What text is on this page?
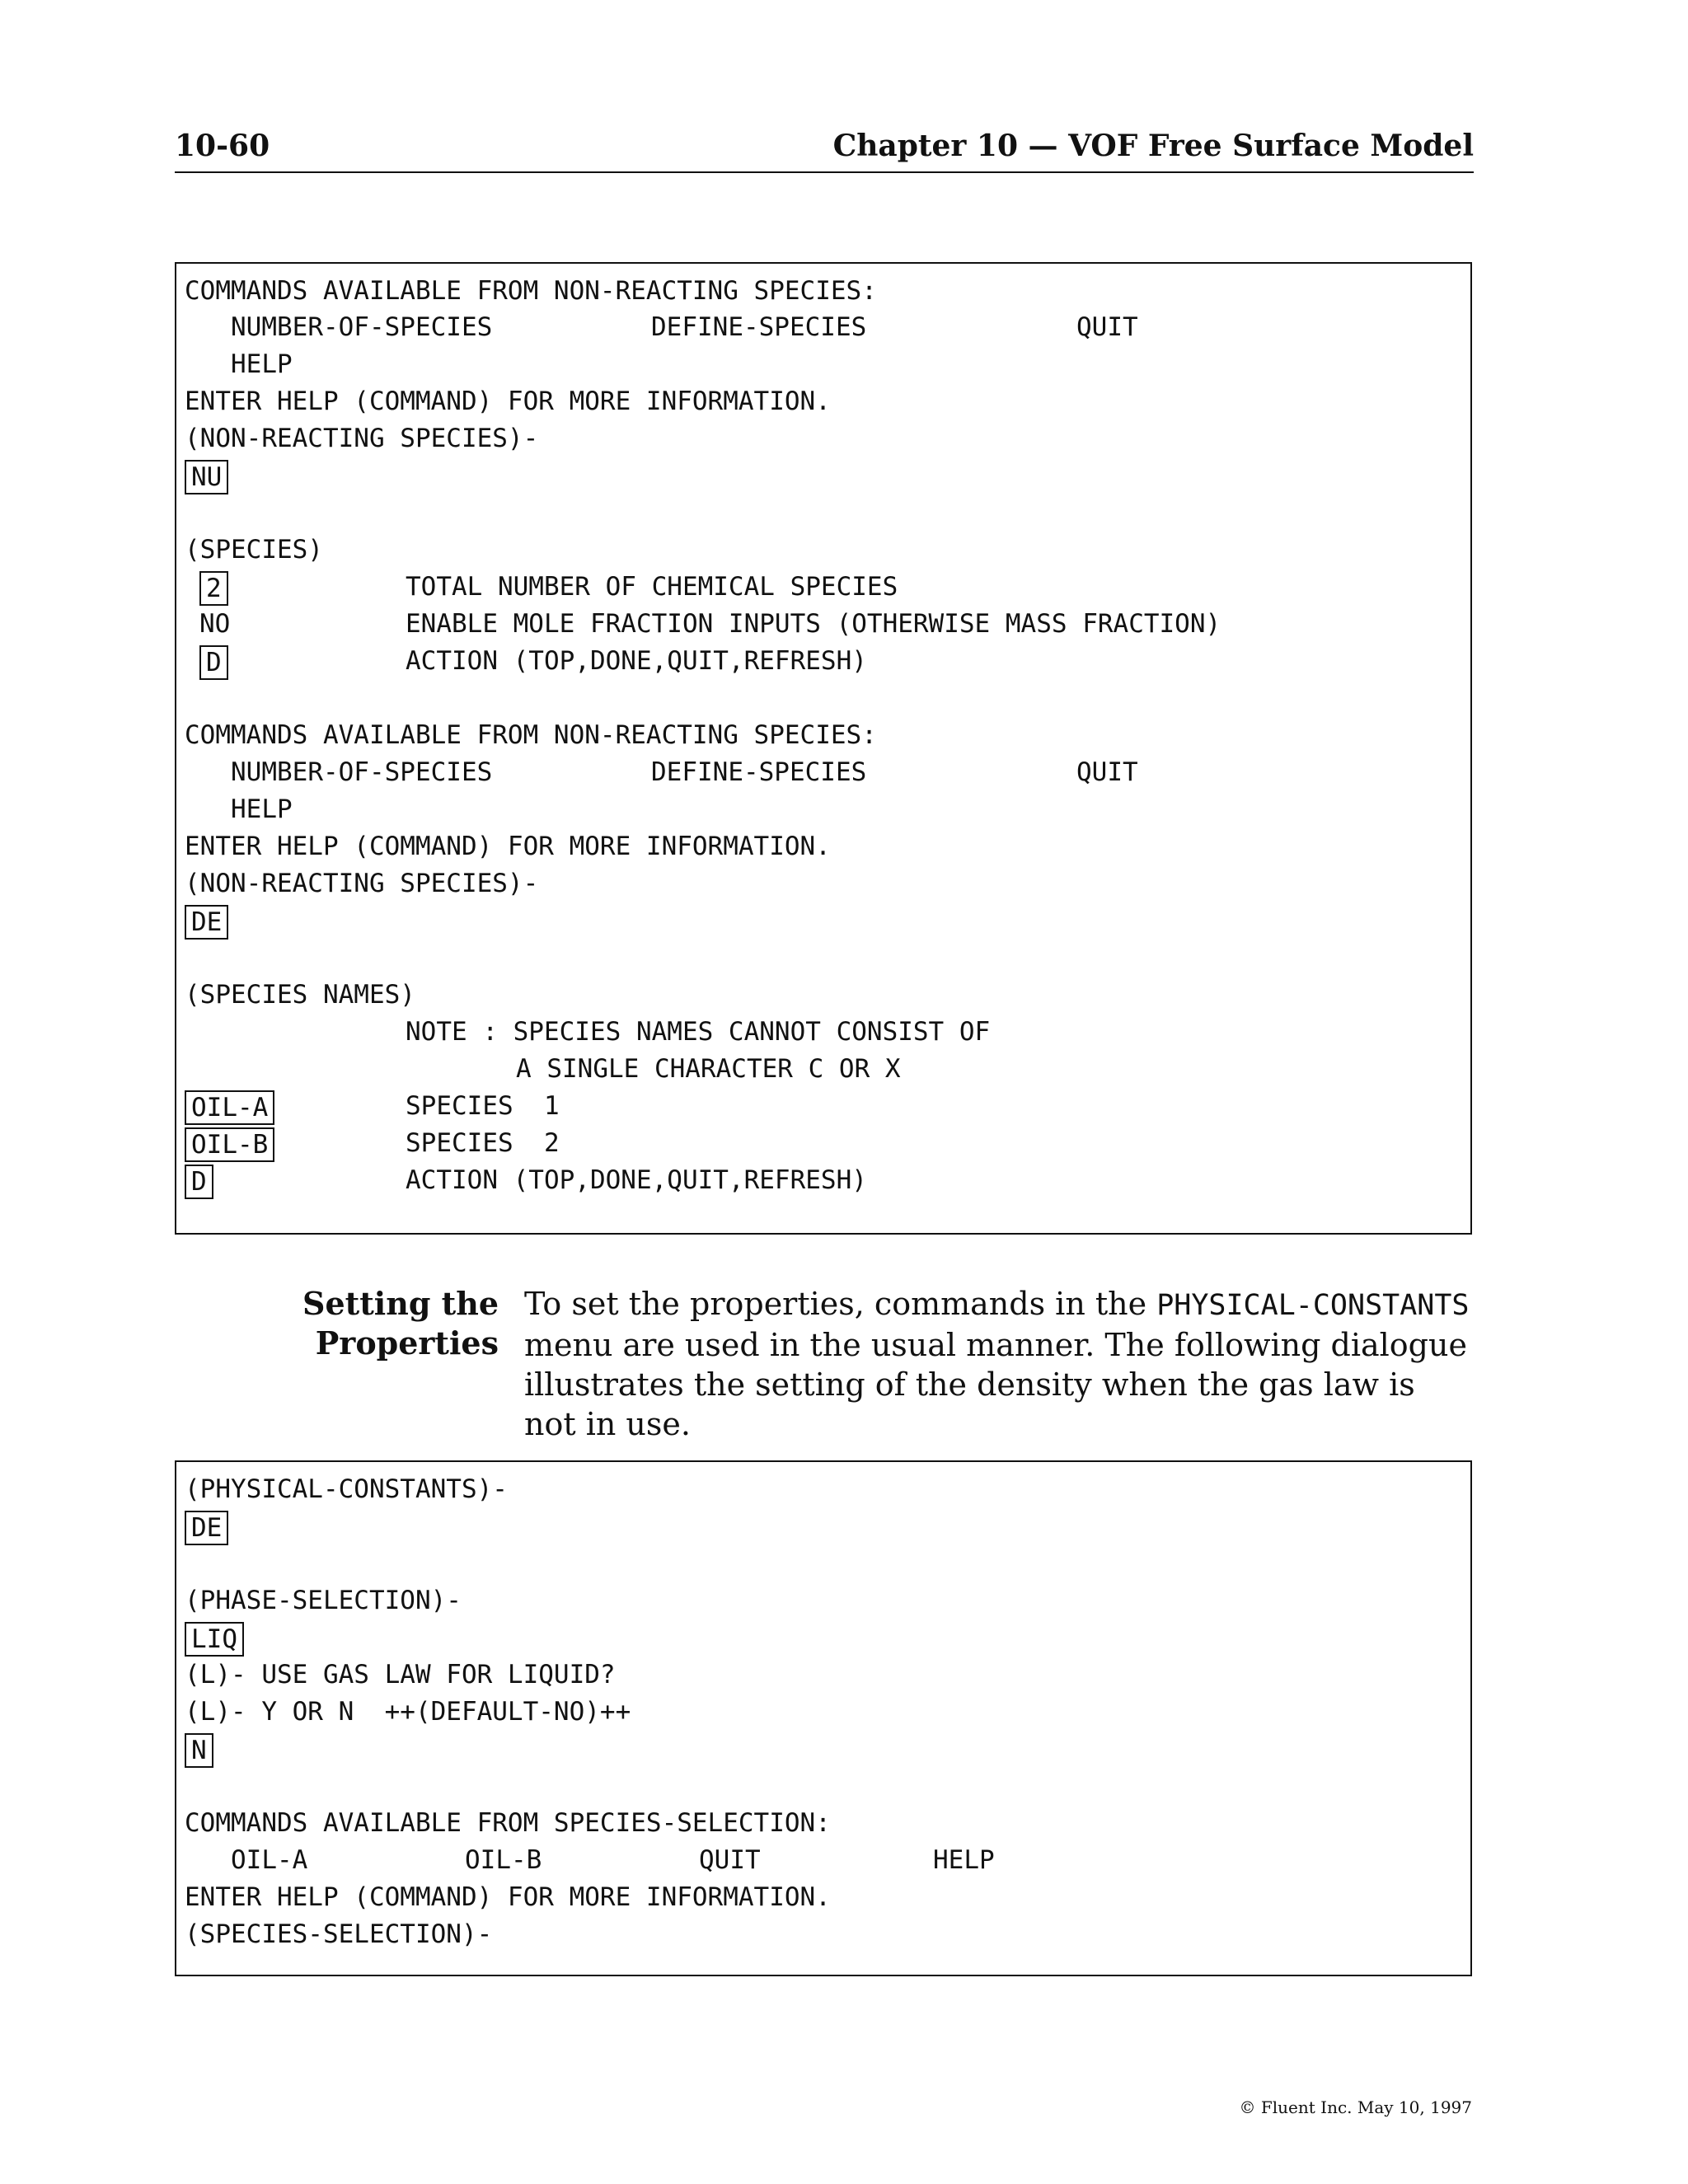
10-60	Chapter 10 — VOF Free Surface Model
COMMANDS AVAILABLE FROM NON-REACTING SPECIES:
NUMBER-OF-SPECIES	DEFINE-SPECIES	QUIT
HELP
ENTER HELP (COMMAND) FOR MORE INFORMATION.
(NON-REACTING SPECIES)-
NU
(SPECIES)
2	TOTAL NUMBER OF CHEMICAL SPECIES
NO	ENABLE MOLE FRACTION INPUTS (OTHERWISE MASS FRACTION)
D	ACTION (TOP,DONE,QUIT,REFRESH)
COMMANDS AVAILABLE FROM NON-REACTING SPECIES:
NUMBER-OF-SPECIES	DEFINE-SPECIES	QUIT
HELP
ENTER HELP (COMMAND) FOR MORE INFORMATION.
(NON-REACTING SPECIES)-
DE
(SPECIES NAMES)
NOTE : SPECIES NAMES CANNOT CONSIST OF
A SINGLE CHARACTER C OR X
OIL-A	SPECIES  1
OIL-B	SPECIES  2
D	ACTION (TOP,DONE,QUIT,REFRESH)
Setting the
Properties
To set the properties, commands in the PHYSICAL-CONSTANTS menu are used in the usual manner. The following dialogue illustrates the setting of the density when the gas law is not in use.
(PHYSICAL-CONSTANTS)-
DE
(PHASE-SELECTION)-
LIQ
(L)- USE GAS LAW FOR LIQUID?
(L)- Y OR N  ++(DEFAULT-NO)++
N
COMMANDS AVAILABLE FROM SPECIES-SELECTION:
OIL-A	OIL-B	QUIT	HELP
ENTER HELP (COMMAND) FOR MORE INFORMATION.
(SPECIES-SELECTION)-
© Fluent Inc. May 10, 1997
